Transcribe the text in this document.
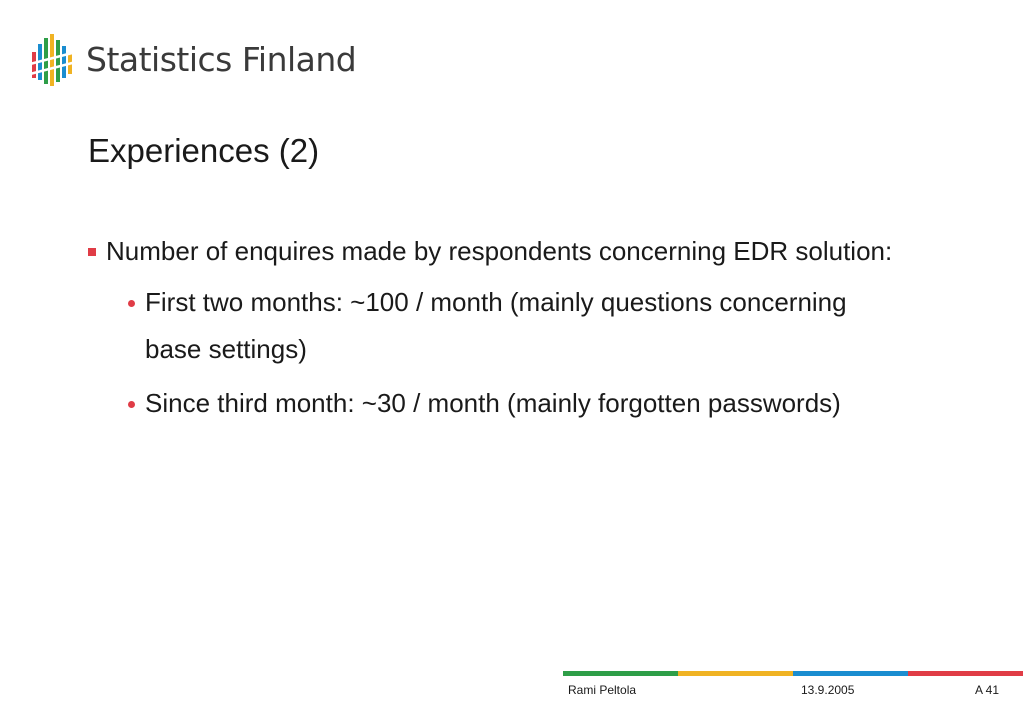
Statistics Finland
Experiences (2)
Number of enquires made by respondents concerning EDR solution:
First two months: ~100 / month (mainly questions concerning base settings)
Since third month: ~30 / month (mainly forgotten passwords)
Rami Peltola	13.9.2005	A 41
